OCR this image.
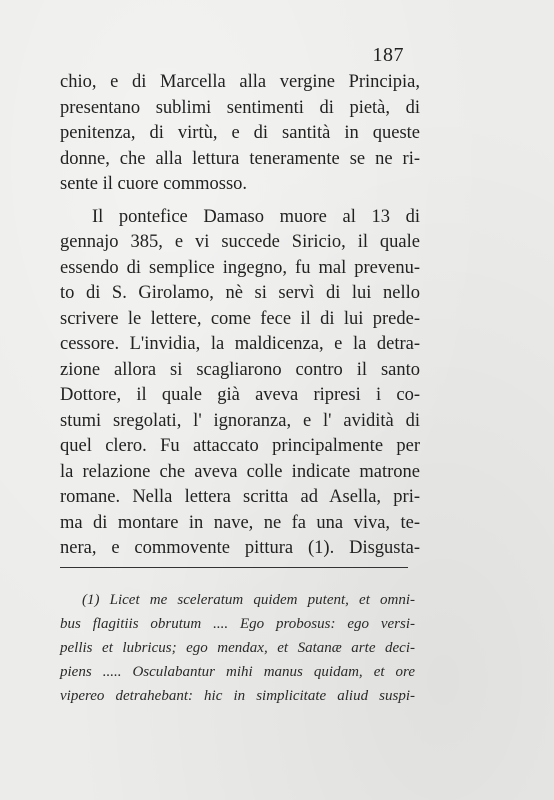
187
chio, e di Marcella alla vergine Principia,
presentano sublimi sentimenti di pietà, di
penitenza, di virtù, e di santità in queste
donne, che alla lettura teneramente se ne ri-
sente il cuore commosso.
Il pontefice Damaso muore al 13 di
gennajo 385, e vi succede Siricio, il quale
essendo di semplice ingegno, fu mal prevenu-
to di S. Girolamo, nè si servì di lui nello
scrivere le lettere, come fece il di lui prede-
cessore. L'invidia, la maldicenza, e la detra-
zione allora si scagliarono contro il santo
Dottore, il quale già aveva ripresi i co-
stumi sregolati, l' ignoranza, e l' avidità di
quel clero. Fu attaccato principalmente per
la relazione che aveva colle indicate matrone
romane. Nella lettera scritta ad Asella, pri-
ma di montare in nave, ne fa una viva, te-
nera, e commovente pittura (1). Disgusta-
(1) Licet me sceleratum quidem putent, et omni-
bus flagitiis obrutum .... Ego probosus: ego versi-
pellis et lubricus; ego mendax, et Satanæ arte deci-
piens ..... Osculabantur mihi manus quidam, et ore
vipereo detrahebant: hic in simplicitate aliud suspi-
